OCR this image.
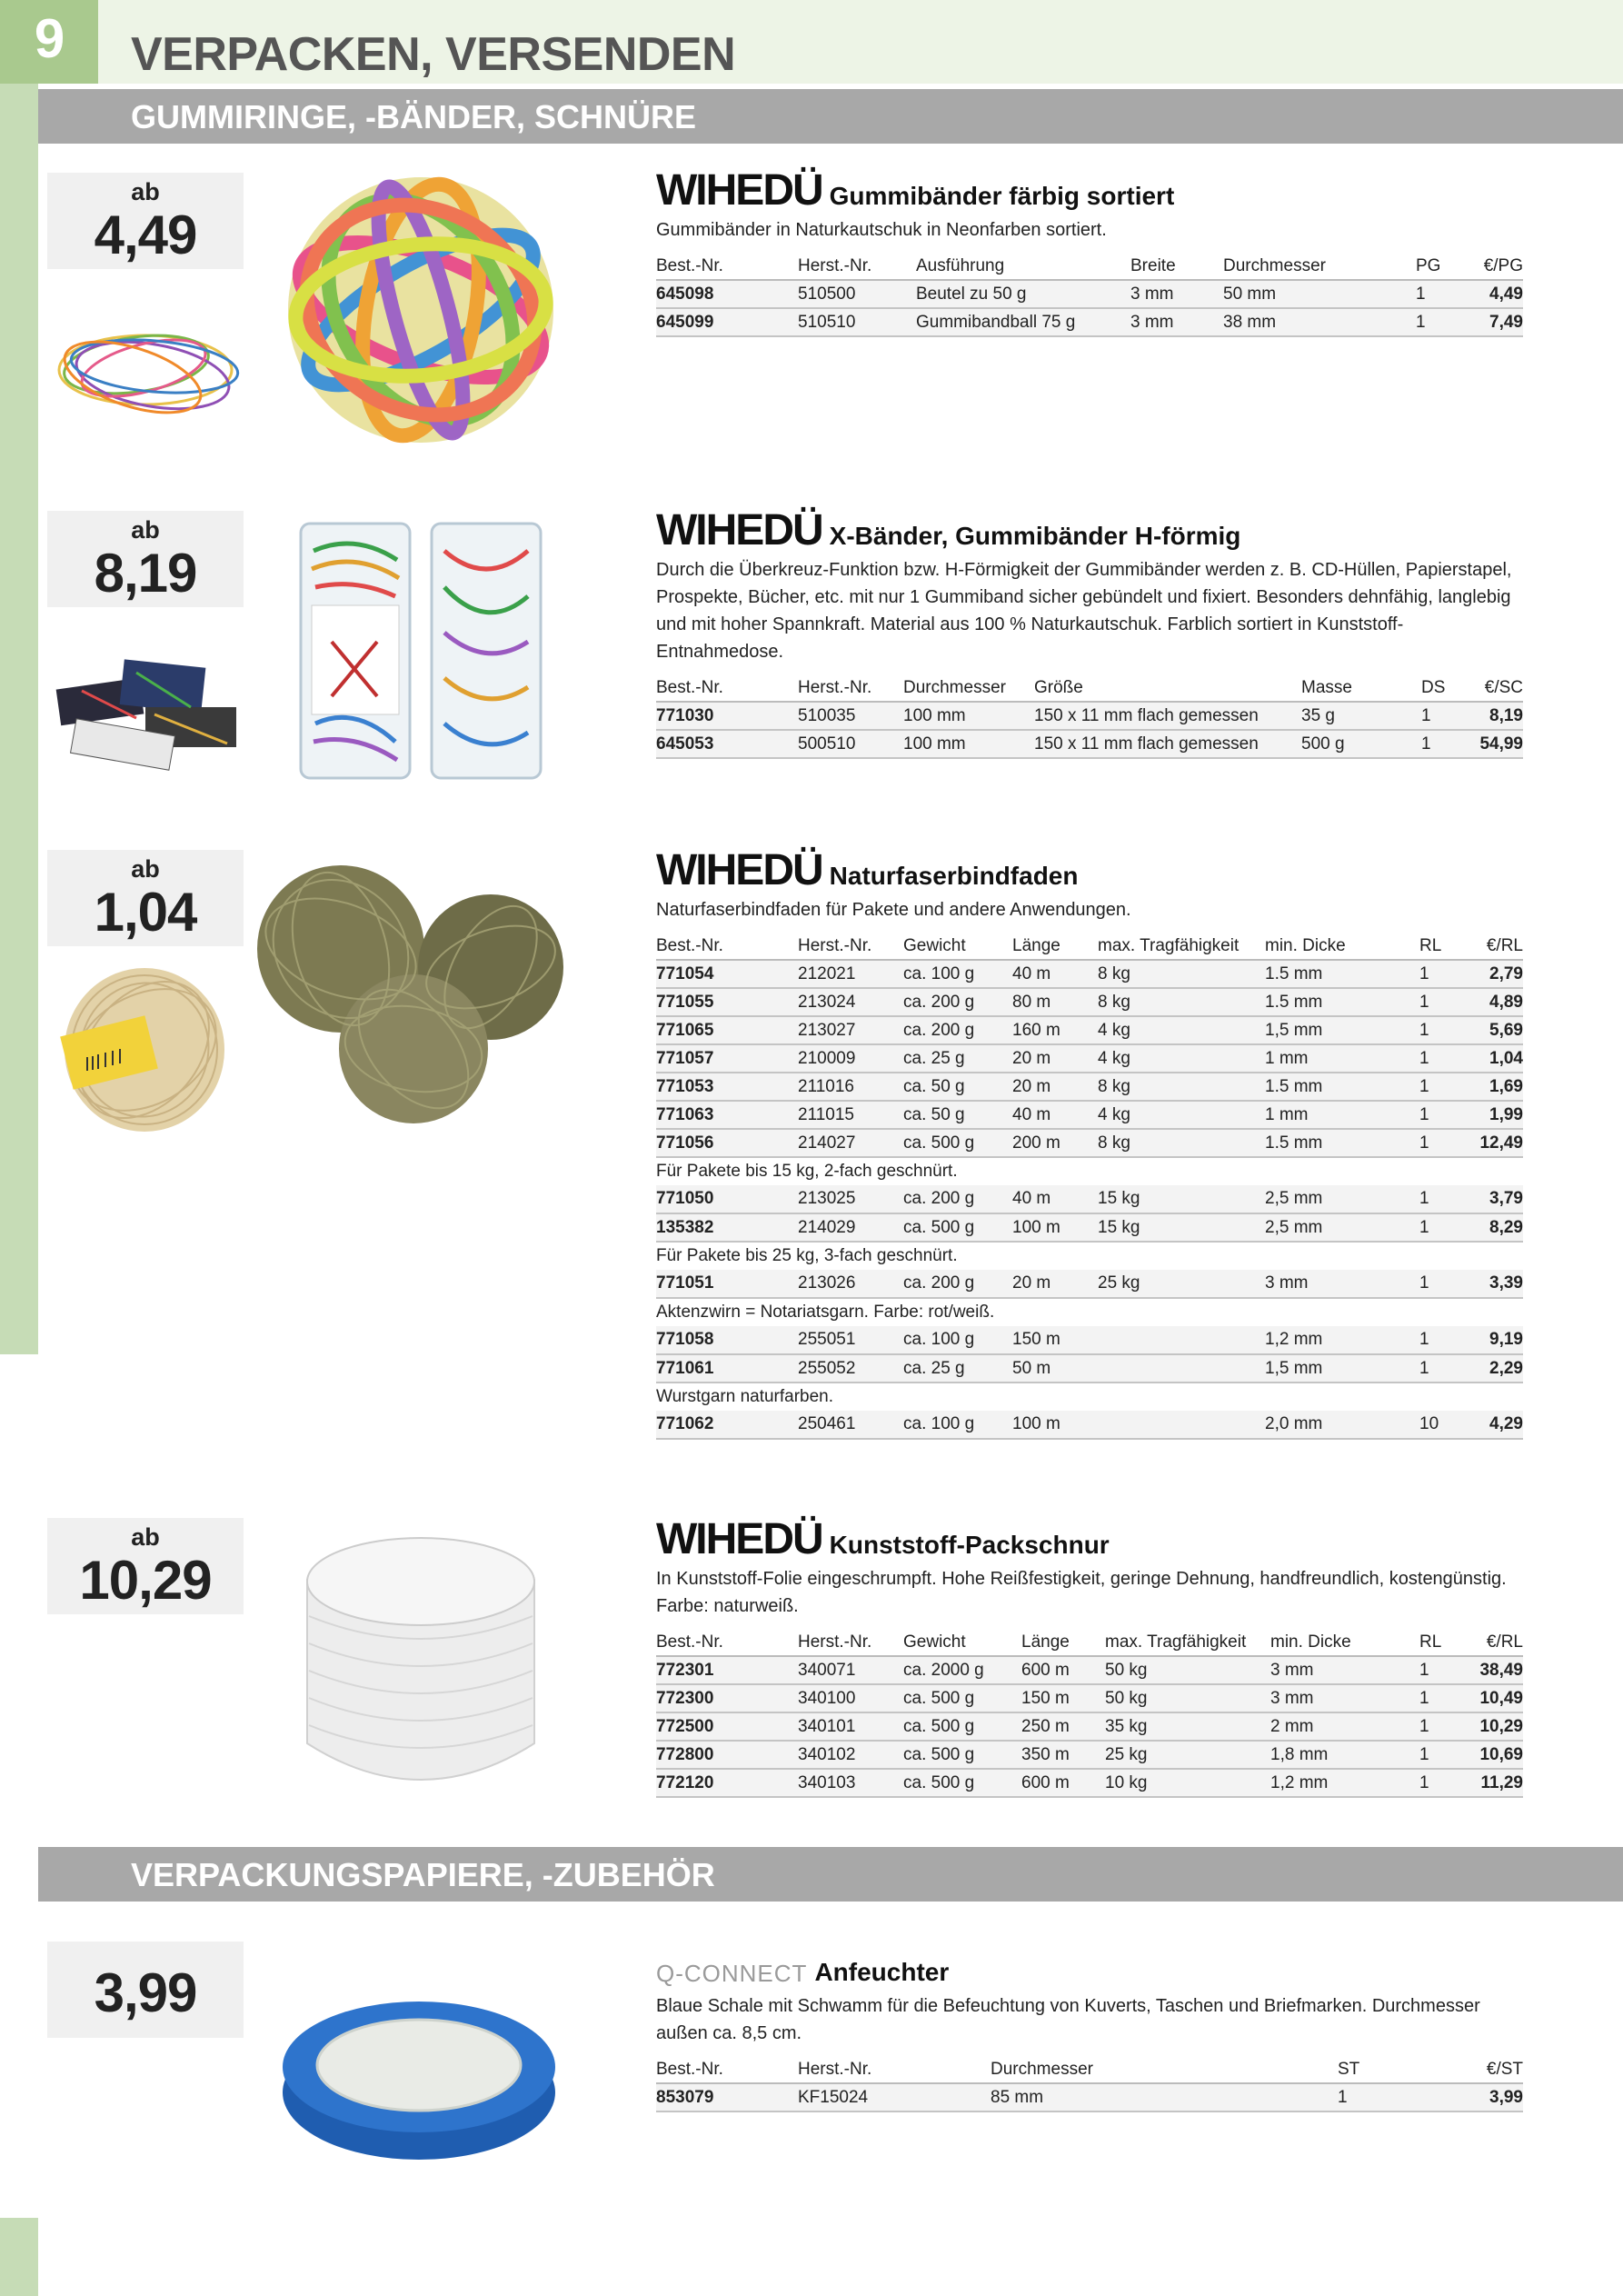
9	VERPACKEN, VERSENDEN
GUMMIRINGE, -BÄNDER, SCHNÜRE
ab
4,49
WIHEDÜ Gummibänder färbig sortiert
Gummibänder in Naturkautschuk in Neonfarben sortiert.
Best.-Nr.	Herst.-Nr.	Ausführung	Breite	Durchmesser	PG	€/PG
645098	510500	Beutel zu 50 g	3 mm	50 mm	1	4,49
645099	510510	Gummibandball 75 g	3 mm	38 mm	1	7,49
ab
8,19
WIHEDÜ X-Bänder, Gummibänder H-förmig
Durch die Überkreuz-Funktion bzw. H-Förmigkeit der Gummibänder werden z. B. CD-Hüllen, Papierstapel, Prospekte, Bücher, etc. mit nur 1 Gummiband sicher gebündelt und fixiert. Besonders dehnfähig, langlebig und mit hoher Spannkraft. Material aus 100 % Naturkautschuk. Farblich sortiert in Kunststoff-Entnahmedose.
Best.-Nr.	Herst.-Nr.	Durchmesser	Größe	Masse	DS	€/SC
771030	510035	100 mm	150 x 11 mm flach gemessen	35 g	1	8,19
645053	500510	100 mm	150 x 11 mm flach gemessen	500 g	1	54,99
ab
1,04
WIHEDÜ Naturfaserbindfaden
Naturfaserbindfaden für Pakete und andere Anwendungen.
Best.-Nr.	Herst.-Nr.	Gewicht	Länge	max. Tragfähigkeit	min. Dicke	RL	€/RL
771054	212021	ca. 100 g	40 m	8 kg	1.5 mm	1	2,79
771055	213024	ca. 200 g	80 m	8 kg	1.5 mm	1	4,89
771065	213027	ca. 200 g	160 m	4 kg	1,5 mm	1	5,69
771057	210009	ca. 25 g	20 m	4 kg	1 mm	1	1,04
771053	211016	ca. 50 g	20 m	8 kg	1.5 mm	1	1,69
771063	211015	ca. 50 g	40 m	4 kg	1 mm	1	1,99
771056	214027	ca. 500 g	200 m	8 kg	1.5 mm	1	12,49
Für Pakete bis 15 kg, 2-fach geschnürt.							
771050	213025	ca. 200 g	40 m	15 kg	2,5 mm	1	3,79
135382	214029	ca. 500 g	100 m	15 kg	2,5 mm	1	8,29
Für Pakete bis 25 kg, 3-fach geschnürt.							
771051	213026	ca. 200 g	20 m	25 kg	3 mm	1	3,39
Aktenzwirn = Notariatsgarn. Farbe: rot/weiß.							
771058	255051	ca. 100 g	150 m		1,2 mm	1	9,19
771061	255052	ca. 25 g	50 m		1,5 mm	1	2,29
Wurstgarn naturfarben.							
771062	250461	ca. 100 g	100 m		2,0 mm	10	4,29
ab
10,29
WIHEDÜ Kunststoff-Packschnur
In Kunststoff-Folie eingeschrumpft. Hohe Reißfestigkeit, geringe Dehnung, handfreundlich, kostengünstig. Farbe: naturweiß.
Best.-Nr.	Herst.-Nr.	Gewicht	Länge	max. Tragfähigkeit	min. Dicke	RL	€/RL
772301	340071	ca. 2000 g	600 m	50 kg	3 mm	1	38,49
772300	340100	ca. 500 g	150 m	50 kg	3 mm	1	10,49
772500	340101	ca. 500 g	250 m	35 kg	2 mm	1	10,29
772800	340102	ca. 500 g	350 m	25 kg	1,8 mm	1	10,69
772120	340103	ca. 500 g	600 m	10 kg	1,2 mm	1	11,29
VERPACKUNGSPAPIERE, -ZUBEHÖR
3,99	Q-CONNECT Anfeuchter
Blaue Schale mit Schwamm für die Befeuchtung von Kuverts, Taschen und Briefmarken. Durchmesser außen ca. 8,5 cm.
Best.-Nr.	Herst.-Nr.	Durchmesser	ST	€/ST
853079	KF15024	85 mm	1	3,99
748
